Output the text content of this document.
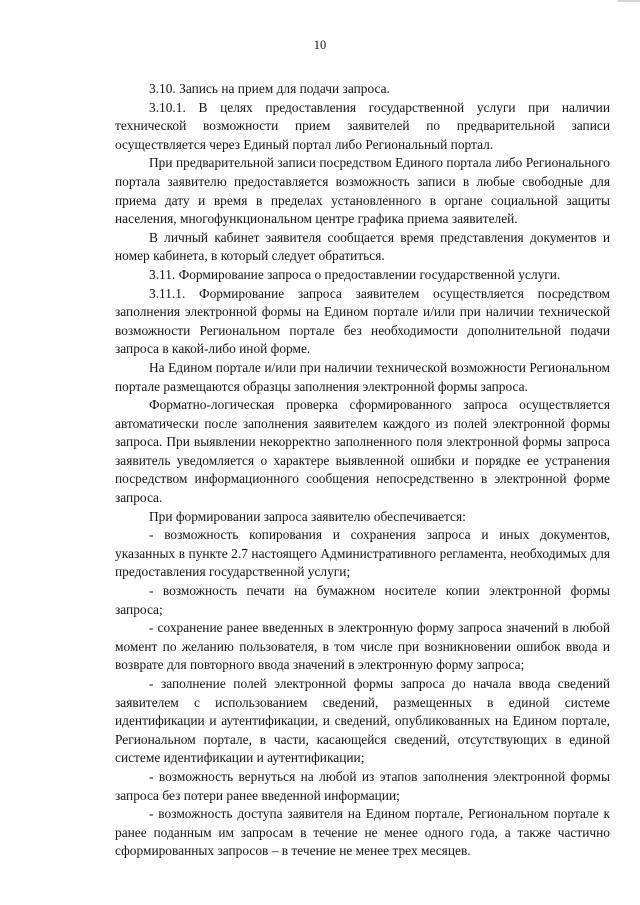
10

3.10. Запись на прием для подачи запроса.

3.10.1. В целях предоставления государственной услуги при наличии технической возможности прием заявителей по предварительной записи осуществляется через Единый портал либо Региональный портал.

При предварительной записи посредством Единого портала либо Регионального портала заявителю предоставляется возможность записи в любые свободные для приема дату и время в пределах установленного в органе социальной защиты населения, многофункциональном центре графика приема заявителей.

В личный кабинет заявителя сообщается время представления документов и номер кабинета, в который следует обратиться.

3.11. Формирование запроса о предоставлении государственной услуги.

3.11.1. Формирование запроса заявителем осуществляется посредством заполнения электронной формы на Едином портале и/или при наличии технической возможности Региональном портале без необходимости дополнительной подачи запроса в какой-либо иной форме.

На Едином портале и/или при наличии технической возможности Региональном портале размещаются образцы заполнения электронной формы запроса.

Форматно-логическая проверка сформированного запроса осуществляется автоматически после заполнения заявителем каждого из полей электронной формы запроса. При выявлении некорректно заполненного поля электронной формы запроса заявитель уведомляется о характере выявленной ошибки и порядке ее устранения посредством информационного сообщения непосредственно в электронной форме запроса.

При формировании запроса заявителю обеспечивается:

- возможность копирования и сохранения запроса и иных документов, указанных в пункте 2.7 настоящего Административного регламента, необходимых для предоставления государственной услуги;

- возможность печати на бумажном носителе копии электронной формы запроса;

- сохранение ранее введенных в электронную форму запроса значений в любой момент по желанию пользователя, в том числе при возникновении ошибок ввода и возврате для повторного ввода значений в электронную форму запроса;

- заполнение полей электронной формы запроса до начала ввода сведений заявителем с использованием сведений, размещенных в единой системе идентификации и аутентификации, и сведений, опубликованных на Едином портале, Региональном портале, в части, касающейся сведений, отсутствующих в единой системе идентификации и аутентификации;

- возможность вернуться на любой из этапов заполнения электронной формы запроса без потери ранее введенной информации;

- возможность доступа заявителя на Едином портале, Региональном портале к ранее поданным им запросам в течение не менее одного года, а также частично сформированных запросов – в течение не менее трех месяцев.
